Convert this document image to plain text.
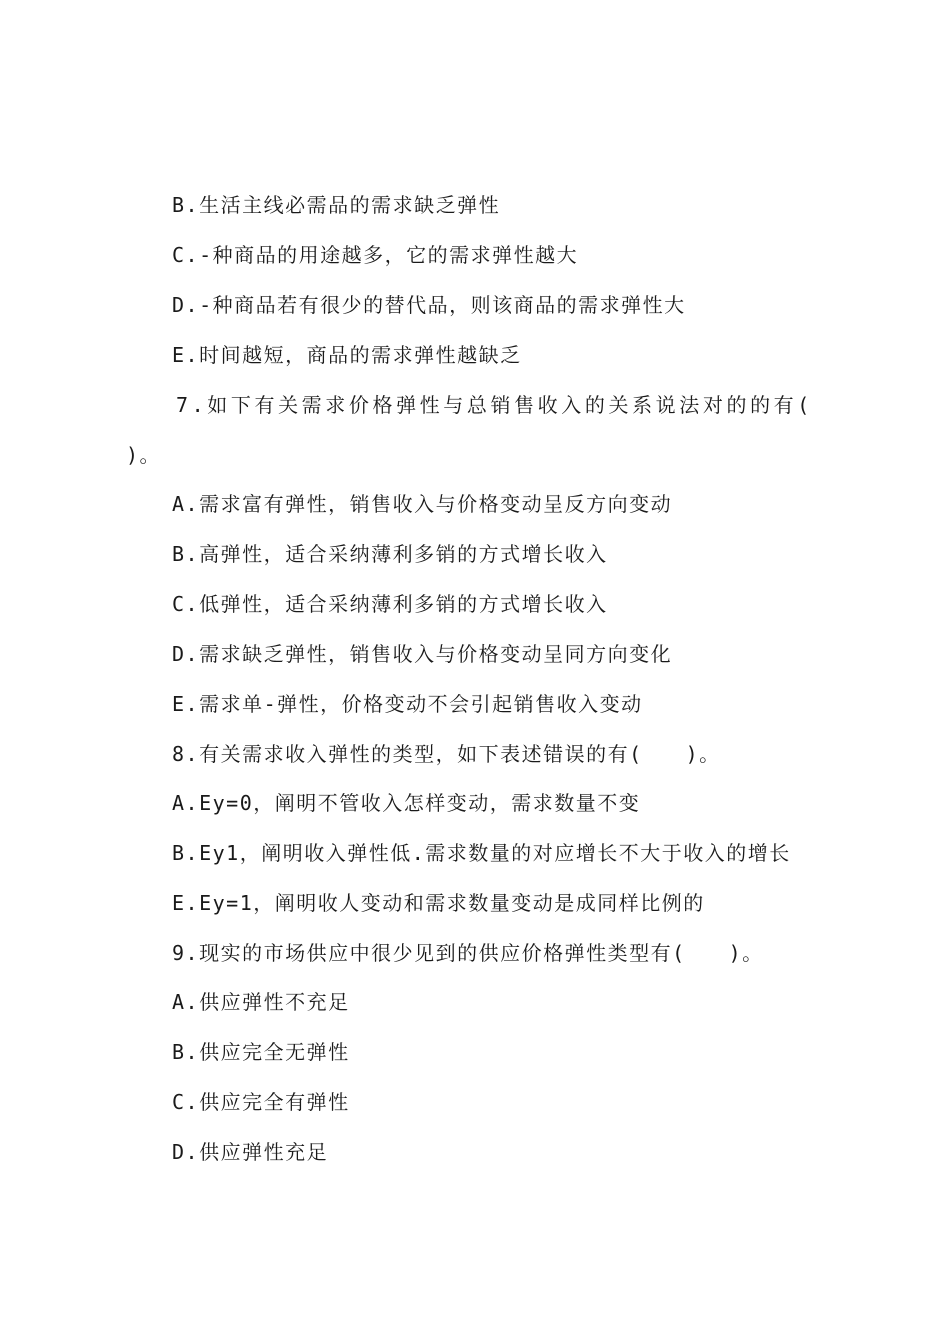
B.生活主线必需品的需求缺乏弹性
C.-种商品的用途越多，它的需求弹性越大
D.-种商品若有很少的替代品，则该商品的需求弹性大
E.时间越短，商品的需求弹性越缺乏
7.如下有关需求价格弹性与总销售收入的关系说法对的的有(
)。
A.需求富有弹性，销售收入与价格变动呈反方向变动
B.高弹性，适合采纳薄利多销的方式增长收入
C.低弹性，适合采纳薄利多销的方式增长收入
D.需求缺乏弹性，销售收入与价格变动呈同方向变化
E.需求单-弹性，价格变动不会引起销售收入变动
8.有关需求收入弹性的类型，如下表述错误的有(　　)。
A.Ey=0，阐明不管收入怎样变动，需求数量不变
B.Ey1，阐明收入弹性低.需求数量的对应增长不大于收入的增长
E.Ey=1，阐明收人变动和需求数量变动是成同样比例的
9.现实的市场供应中很少见到的供应价格弹性类型有(　　)。
A.供应弹性不充足
B.供应完全无弹性
C.供应完全有弹性
D.供应弹性充足
